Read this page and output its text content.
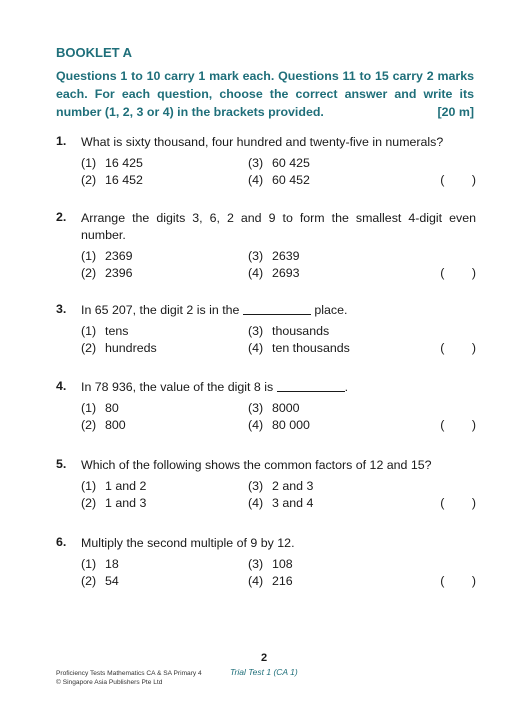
BOOKLET A
Questions 1 to 10 carry 1 mark each. Questions 11 to 15 carry 2 marks each. For each question, choose the correct answer and write its number (1, 2, 3 or 4) in the brackets provided.	[20 m]
1. What is sixty thousand, four hundred and twenty-five in numerals?
(1) 16 425
(2) 16 452
(3) 60 425
(4) 60 452	(        )
2. Arrange the digits 3, 6, 2 and 9 to form the smallest 4-digit even number.
(1) 2369
(2) 2396
(3) 2639
(4) 2693	(        )
3. In 65 207, the digit 2 is in the	place.
(1) tens
(2) hundreds
(3) thousands
(4) ten thousands	(        )
4. In 78 936, the value of the digit 8 is	.
(1) 80
(2) 800
(3) 8000
(4) 80 000	(        )
5. Which of the following shows the common factors of 12 and 15?
(1) 1 and 2
(2) 1 and 3
(3) 2 and 3
(4) 3 and 4	(        )
6. Multiply the second multiple of 9 by 12.
(1) 18
(2) 54
(3) 108
(4) 216	(        )
2
Proficiency Tests Mathematics CA & SA Primary 4
© Singapore Asia Publishers Pte Ltd
Trial Test 1 (CA 1)
